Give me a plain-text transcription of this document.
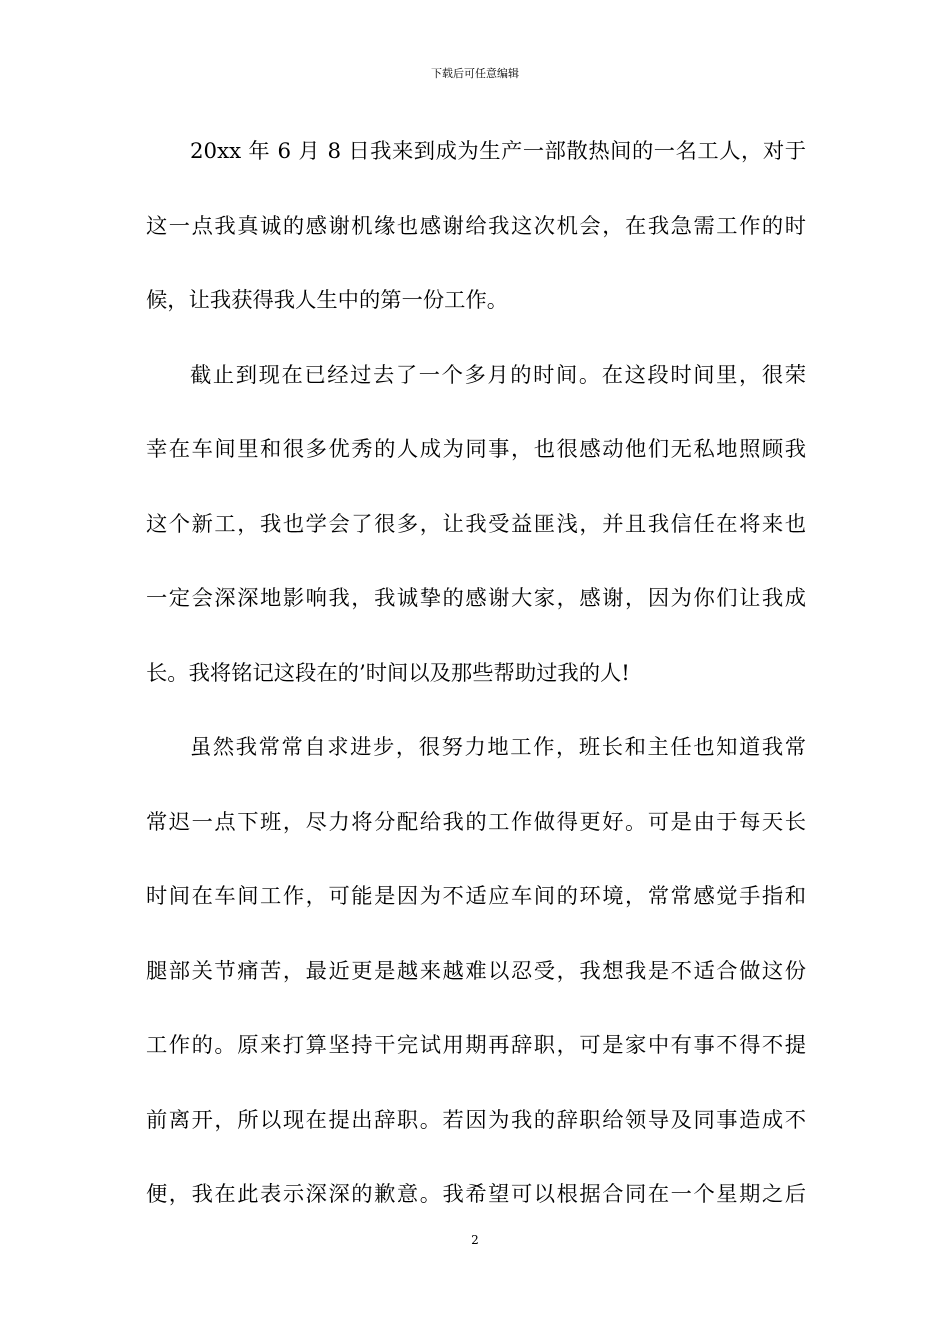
下载后可任意编辑
20xx 年 6 月 8 日我来到成为生产一部散热间的一名工人，对于
这一点我真诚的感谢机缘也感谢给我这次机会，在我急需工作的时
候，让我获得我人生中的第一份工作。
截止到现在已经过去了一个多月的时间。在这段时间里，很荣
幸在车间里和很多优秀的人成为同事，也很感动他们无私地照顾我
这个新工，我也学会了很多，让我受益匪浅，并且我信任在将来也
一定会深深地影响我，我诚挚的感谢大家，感谢，因为你们让我成
长。我将铭记这段在的’时间以及那些帮助过我的人!
虽然我常常自求进步，很努力地工作，班长和主任也知道我常
常迟一点下班，尽力将分配给我的工作做得更好。可是由于每天长
时间在车间工作，可能是因为不适应车间的环境，常常感觉手指和
腿部关节痛苦，最近更是越来越难以忍受，我想我是不适合做这份
工作的。原来打算坚持干完试用期再辞职，可是家中有事不得不提
前离开，所以现在提出辞职。若因为我的辞职给领导及同事造成不
便，我在此表示深深的歉意。我希望可以根据合同在一个星期之后
2
